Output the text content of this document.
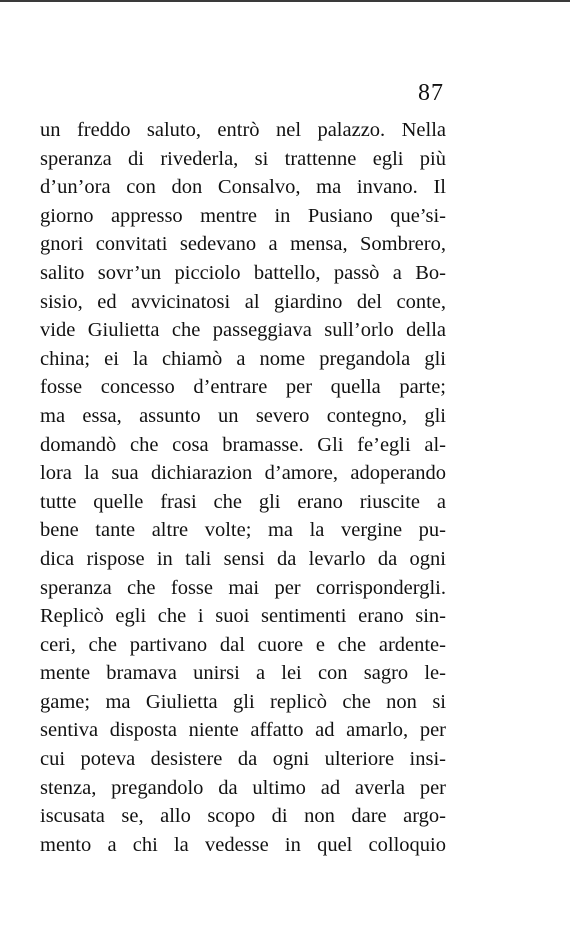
87
un freddo saluto, entrò nel palazzo. Nella
speranza di rivederla, si trattenne egli più
d’un’ora con don Consalvo, ma invano. Il
giorno appresso mentre in Pusiano que’si-
gnori convitati sedevano a mensa, Sombrero,
salito sovr’un picciolo battello, passò a Bo-
sisio, ed avvicinatosi al giardino del conte,
vide Giulietta che passeggiava sull’orlo della
china; ei la chiamò a nome pregandola gli
fosse concesso d’entrare per quella parte;
ma essa, assunto un severo contegno, gli
domandò che cosa bramasse. Gli fe’egli al-
lora la sua dichiarazion d’amore, adoperando
tutte quelle frasi che gli erano riuscite a
bene tante altre volte; ma la vergine pu-
dica rispose in tali sensi da levarlo da ogni
speranza che fosse mai per corrispondergli.
Replicò egli che i suoi sentimenti erano sin-
ceri, che partivano dal cuore e che ardente-
mente bramava unirsi a lei con sagro le-
game; ma Giulietta gli replicò che non si
sentiva disposta niente affatto ad amarlo, per
cui poteva desistere da ogni ulteriore insi-
stenza, pregandolo da ultimo ad averla per
iscusata se, allo scopo di non dare argo-
mento a chi la vedesse in quel colloquio
